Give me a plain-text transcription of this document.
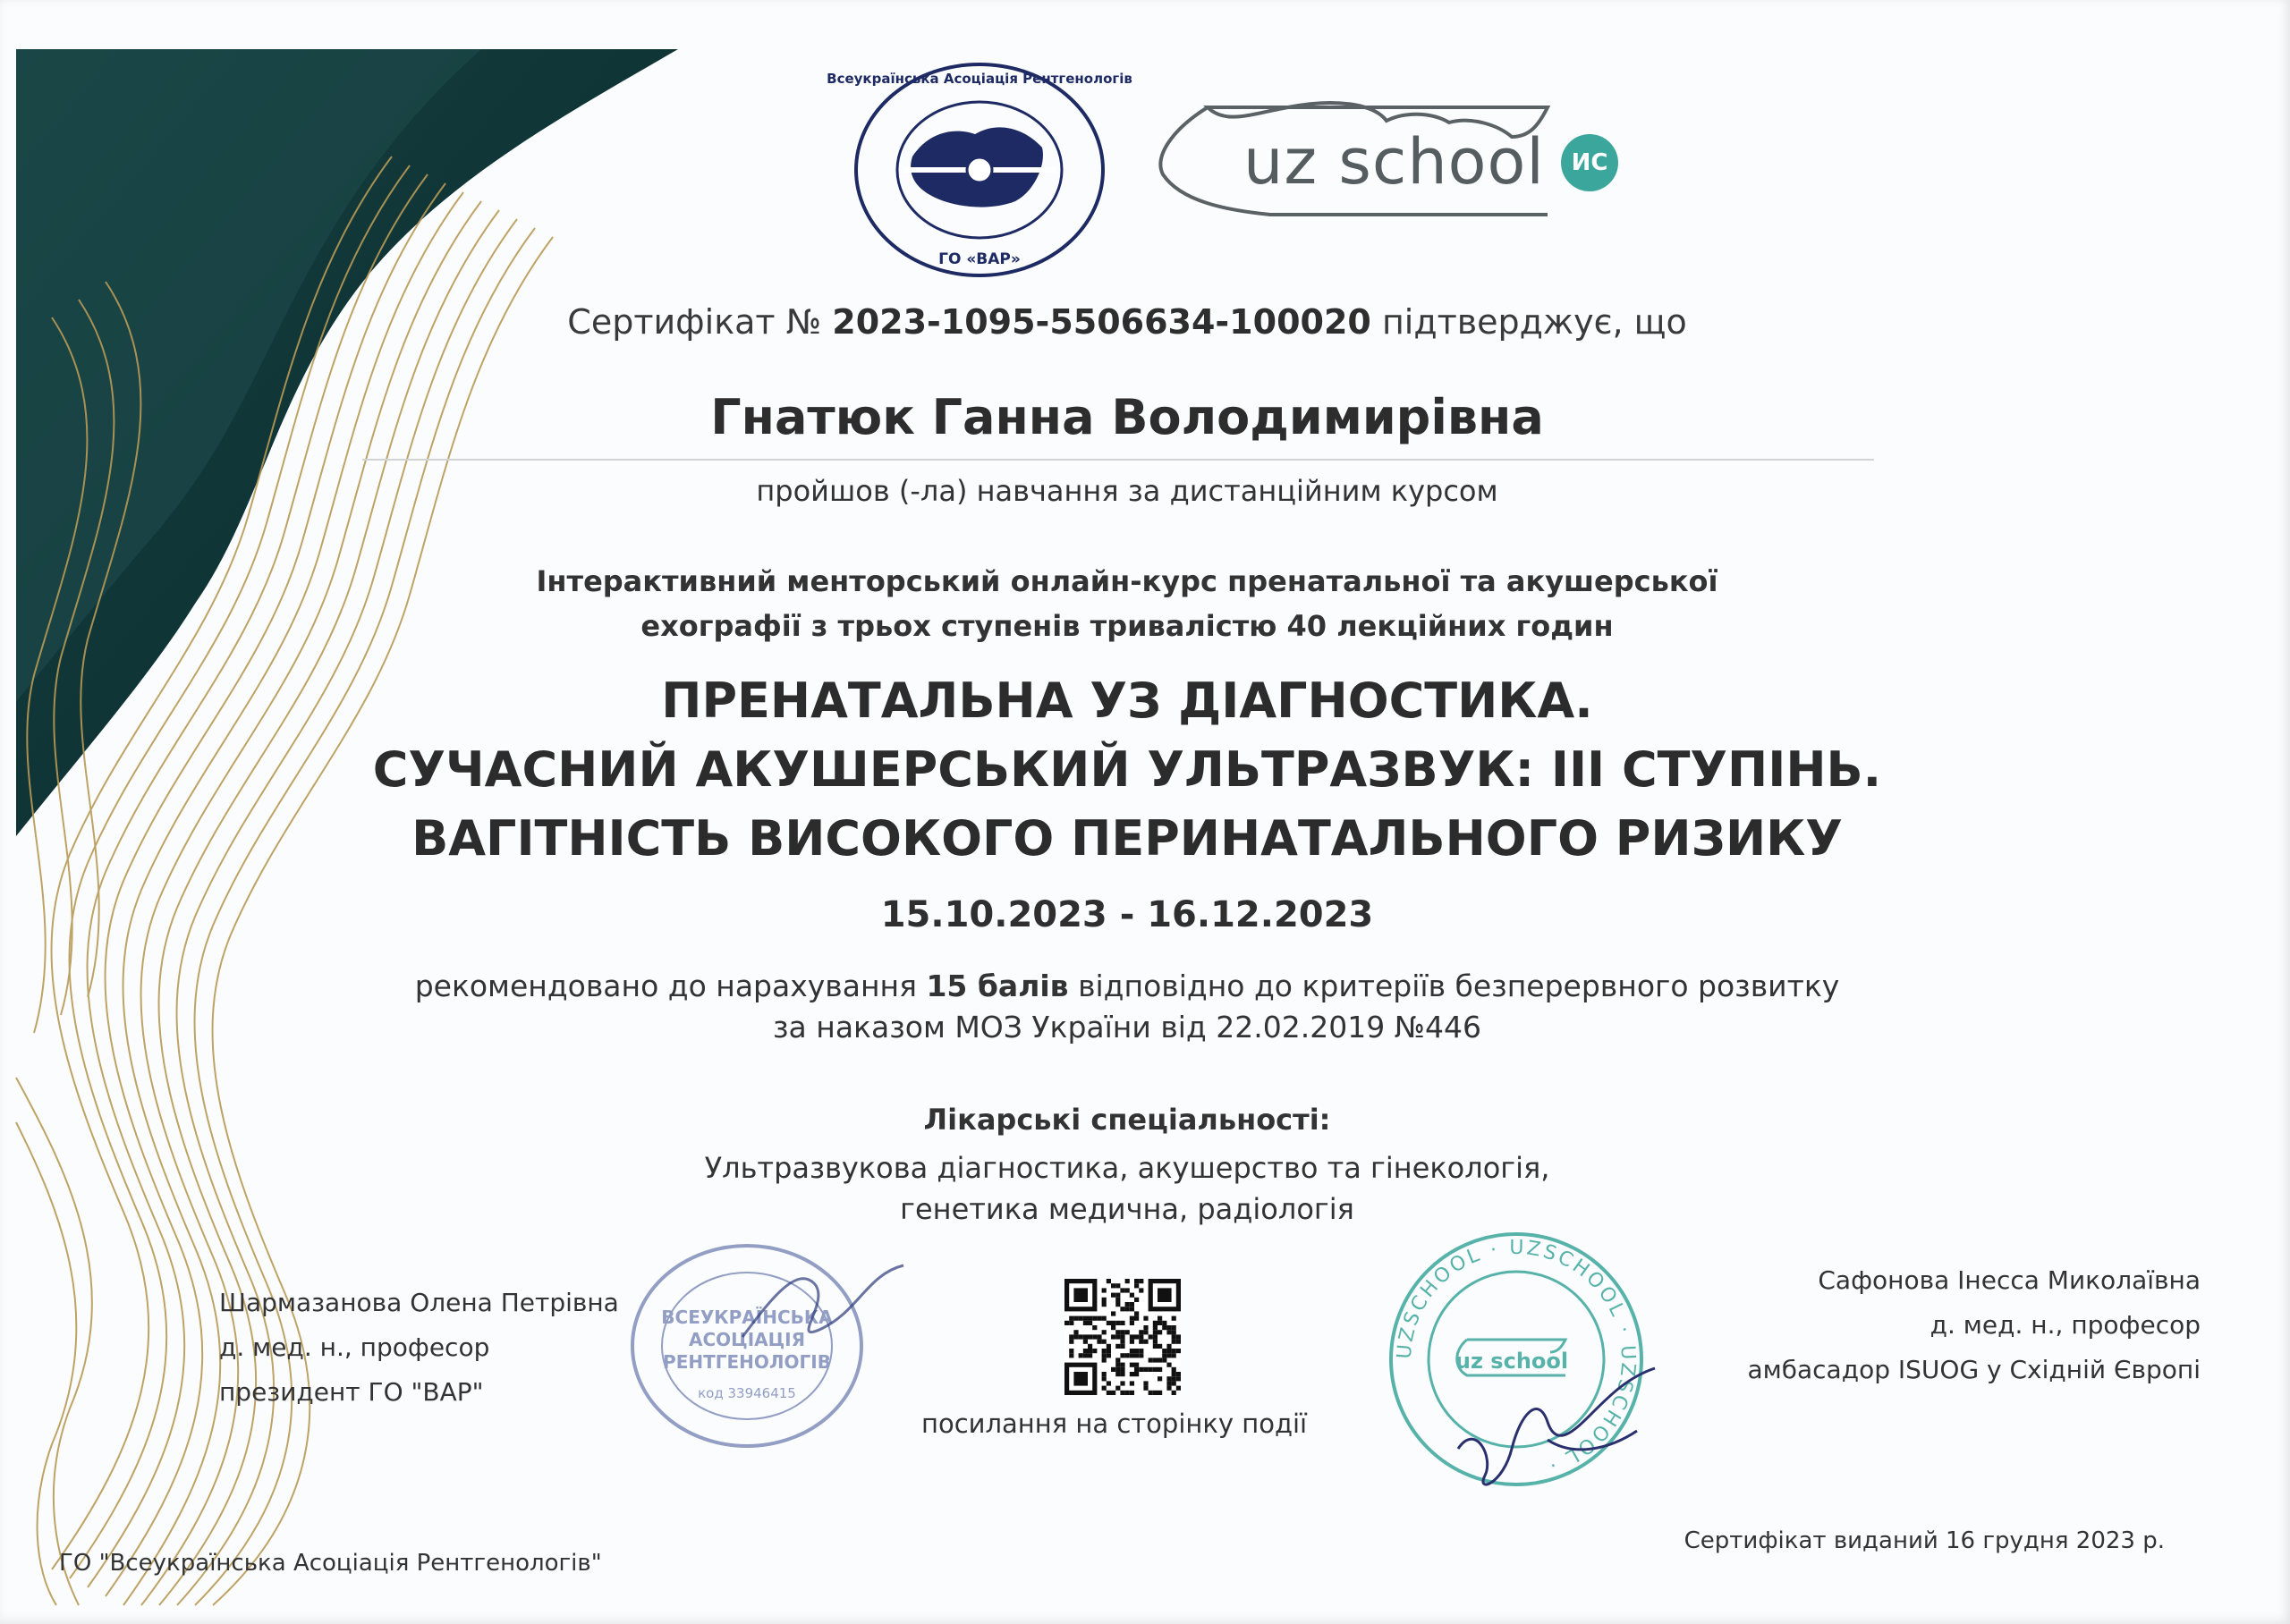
Всеукраїнська Асоціація Рентгенологів
ГО «ВАР»
uz school	ИС
Сертифікат № 2023-1095-5506634-100020 підтверджує, що
Гнатюк Ганна Володимирівна
пройшов (-ла) навчання за дистанційним курсом
Інтерактивний менторський онлайн-курс пренатальної та акушерської
ехографії з трьох ступенів тривалістю 40 лекційних годин
ПРЕНАТАЛЬНА УЗ ДІАГНОСТИКА.
СУЧАСНИЙ АКУШЕРСЬКИЙ УЛЬТРАЗВУК: ІІІ СТУПІНЬ.
ВАГІТНІСТЬ ВИСОКОГО ПЕРИНАТАЛЬНОГО РИЗИКУ
15.10.2023 - 16.12.2023
рекомендовано до нарахування 15 балів відповідно до критеріїв безперервного розвитку
за наказом МОЗ України від 22.02.2019 №446
Лікарські спеціальності:
Ультразвукова діагностика, акушерство та гінекологія,
генетика медична, радіологія
Шармазанова Олена Петрівна
д. мед. н., професор
президент ГО "ВАР"
ВСЕУКРАЇНСЬКА
АСОЦІАЦІЯ
РЕНТГЕНОЛОГІВ
код 33946415
посилання на сторінку події
UZSCHOOL · UZSCHOOL · UZSCHOOL ·
uz school
Сафонова Інесса Миколаївна
д. мед. н., професор
амбасадор ISUOG у Східній Європі
ГО "Всеукраїнська Асоціація Рентгенологів"
Сертифікат виданий 16 грудня 2023 р.
